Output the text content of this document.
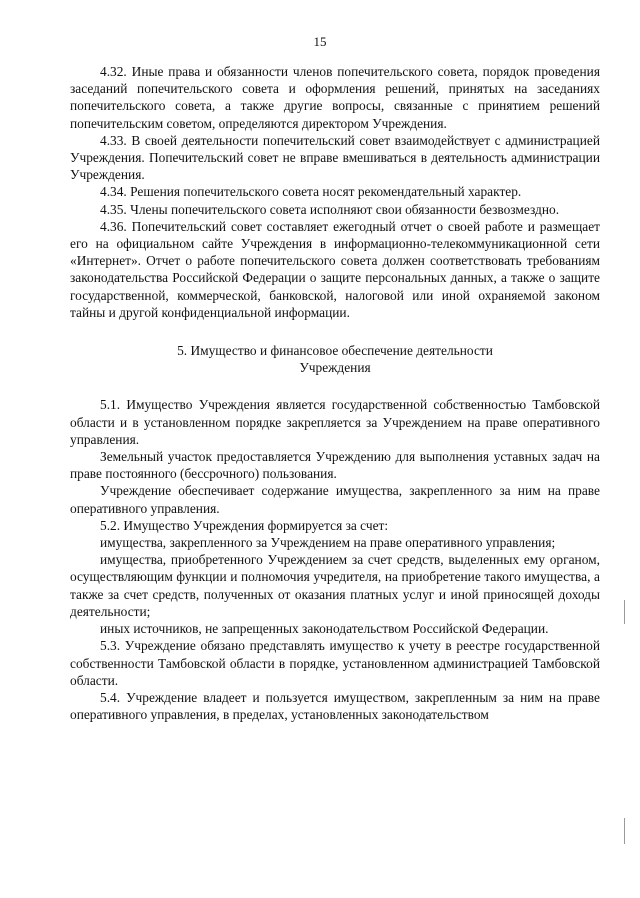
15

4.32. Иные права и обязанности членов попечительского совета, порядок проведения заседаний попечительского совета и оформления решений, принятых на заседаниях попечительского совета, а также другие вопросы, связанные с принятием решений попечительским советом, определяются директором Учреждения.

4.33. В своей деятельности попечительский совет взаимодействует с администрацией Учреждения. Попечительский совет не вправе вмешиваться в деятельность администрации Учреждения.

4.34. Решения попечительского совета носят рекомендательный характер.

4.35. Члены попечительского совета исполняют свои обязанности безвозмездно.

4.36. Попечительский совет составляет ежегодный отчет о своей работе и размещает его на официальном сайте Учреждения в информационно-телекоммуникационной сети «Интернет». Отчет о работе попечительского совета должен соответствовать требованиям законодательства Российской Федерации о защите персональных данных, а также о защите государственной, коммерческой, банковской, налоговой или иной охраняемой законом тайны и другой конфиденциальной информации.

5. Имущество и финансовое обеспечение деятельности
Учреждения

5.1. Имущество Учреждения является государственной собственностью Тамбовской области и в установленном порядке закрепляется за Учреждением на праве оперативного управления.

Земельный участок предоставляется Учреждению для выполнения уставных задач на праве постоянного (бессрочного) пользования.

Учреждение обеспечивает содержание имущества, закрепленного за ним на праве оперативного управления.

5.2. Имущество Учреждения формируется за счет:

имущества, закрепленного за Учреждением на праве оперативного управления;

имущества, приобретенного Учреждением за счет средств, выделенных ему органом, осуществляющим функции и полномочия учредителя, на приобретение такого имущества, а также за счет средств, полученных от оказания платных услуг и иной приносящей доходы деятельности;

иных источников, не запрещенных законодательством Российской Федерации.

5.3. Учреждение обязано представлять имущество к учету в реестре государственной собственности Тамбовской области в порядке, установленном администрацией Тамбовской области.

5.4. Учреждение владеет и пользуется имуществом, закрепленным за ним на праве оперативного управления, в пределах, установленных законодательством
